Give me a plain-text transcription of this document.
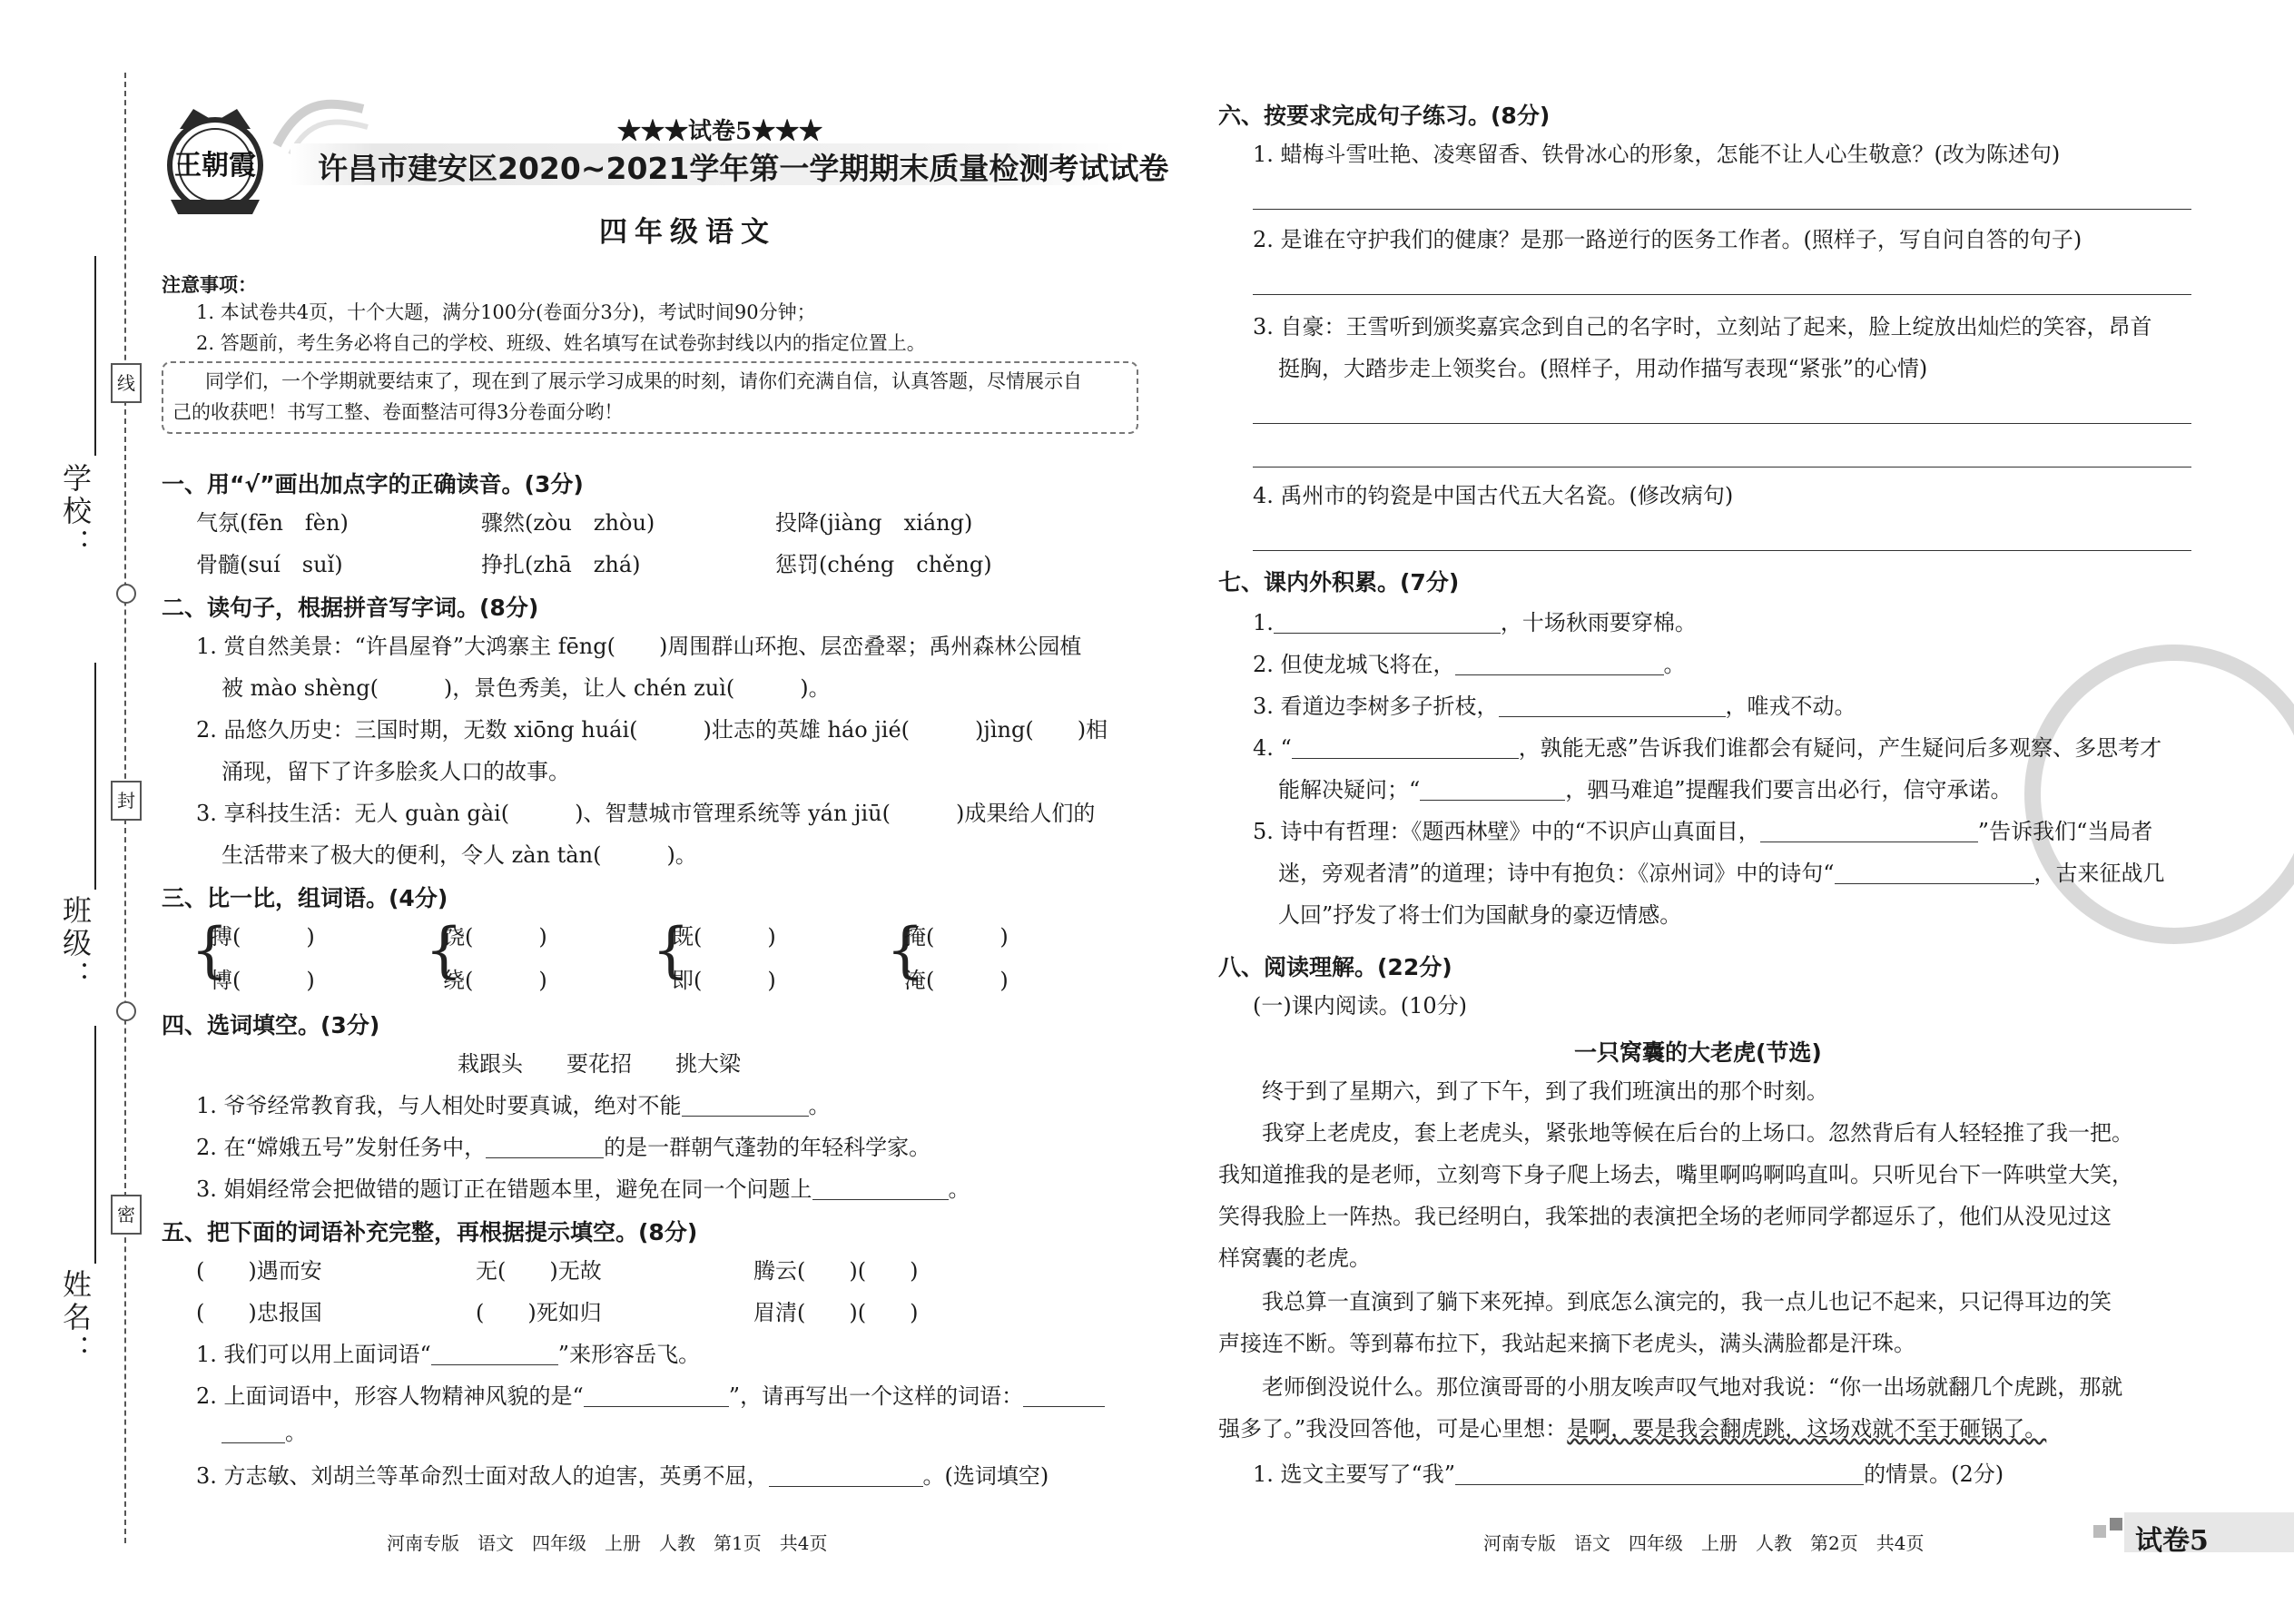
学校：
班级：
姓名：
线
封
密
王朝霞
★★★试卷5★★★
许昌市建安区2020~2021学年第一学期期末质量检测考试试卷
四年级语文
注意事项：
1. 本试卷共4页，十个大题，满分100分(卷面分3分)，考试时间90分钟；
2. 答题前，考生务必将自己的学校、班级、姓名填写在试卷弥封线以内的指定位置上。
同学们，一个学期就要结束了，现在到了展示学习成果的时刻，请你们充满自信，认真答题，尽情展示自
己的收获吧！书写工整、卷面整洁可得3分卷面分哟！
一、用“√”画出加点字的正确读音。(3分)
气氛(fēn　fèn)	骤然(zòu　zhòu)	投降(jiàng　xiáng)
骨髓(suí　suǐ)	挣扎(zhā　zhá)	惩罚(chéng　chěng)
二、读句子，根据拼音写字词。(8分)
1. 赏自然美景：“许昌屋脊”大鸿寨主 fēng(　　)周围群山环抱、层峦叠翠；禹州森林公园植
被 mào shèng(　　　)，景色秀美，让人 chén zuì(　　　)。
2. 品悠久历史：三国时期，无数 xiōng huái(　　　)壮志的英雄 háo jié(　　　)jìng(　　)相
涌现，留下了许多脍炙人口的故事。
3. 享科技生活：无人 guàn gài(　　　)、智慧城市管理系统等 yán jiū(　　　)成果给人们的
生活带来了极大的便利，令人 zàn tàn(　　　)。
三、比一比，组词语。(4分)
{
搏(　　　)
博(　　　) {
饶(　　　)
绕(　　　) {
既(　　　)
即(　　　) {
掩(　　　)
淹(　　　)
四、选词填空。(3分)
栽跟头　　要花招　　挑大梁
1. 爷爷经常教育我，与人相处时要真诚，绝对不能	。
2. 在“嫦娥五号”发射任务中，	的是一群朝气蓬勃的年轻科学家。
3. 娟娟经常会把做错的题订正在错题本里，避免在同一个问题上	。
五、把下面的词语补充完整，再根据提示填空。(8分)
(　　)遇而安	无(　　)无故	腾云(　　)(　　)
(　　)忠报国	(　　)死如归	眉清(　　)(　　)
1. 我们可以用上面词语“	”来形容岳飞。
2. 上面词语中，形容人物精神风貌的是“	”，请再写出一个这样的词语：
。
3. 方志敏、刘胡兰等革命烈士面对敌人的迫害，英勇不屈，	。(选词填空)
河南专版　语文　四年级　上册　人教　第1页　共4页
六、按要求完成句子练习。(8分)
1. 蜡梅斗雪吐艳、凌寒留香、铁骨冰心的形象，怎能不让人心生敬意？(改为陈述句)
2. 是谁在守护我们的健康？是那一路逆行的医务工作者。(照样子，写自问自答的句子)
3. 自豪：王雪听到颁奖嘉宾念到自己的名字时，立刻站了起来，脸上绽放出灿烂的笑容，昂首
挺胸，大踏步走上领奖台。(照样子，用动作描写表现“紧张”的心情)
4. 禹州市的钧瓷是中国古代五大名瓷。(修改病句)
七、课内外积累。(7分)
1.	，十场秋雨要穿棉。
2. 但使龙城飞将在，	。
3. 看道边李树多子折枝，	，唯戎不动。
4. “	，孰能无惑”告诉我们谁都会有疑问，产生疑问后多观察、多思考才
能解决疑问；“	，驷马难追”提醒我们要言出必行，信守承诺。
5. 诗中有哲理：《题西林壁》中的“不识庐山真面目，	”告诉我们“当局者
迷，旁观者清”的道理；诗中有抱负：《凉州词》中的诗句“	，古来征战几
人回”抒发了将士们为国献身的豪迈情感。
八、阅读理解。(22分)
(一)课内阅读。(10分)
一只窝囊的大老虎(节选)
终于到了星期六，到了下午，到了我们班演出的那个时刻。
我穿上老虎皮，套上老虎头，紧张地等候在后台的上场口。忽然背后有人轻轻推了我一把。
我知道推我的是老师，立刻弯下身子爬上场去，嘴里啊呜啊呜直叫。只听见台下一阵哄堂大笑，
笑得我脸上一阵热。我已经明白，我笨拙的表演把全场的老师同学都逗乐了，他们从没见过这
样窝囊的老虎。
我总算一直演到了躺下来死掉。到底怎么演完的，我一点儿也记不起来，只记得耳边的笑
声接连不断。等到幕布拉下，我站起来摘下老虎头，满头满脸都是汗珠。
老师倒没说什么。那位演哥哥的小朋友唉声叹气地对我说：“你一出场就翻几个虎跳，那就
强多了。”我没回答他，可是心里想：是啊，要是我会翻虎跳，这场戏就不至于砸锅了。
1. 选文主要写了“我”	的情景。(2分)
河南专版　语文　四年级　上册　人教　第2页　共4页	试卷5
